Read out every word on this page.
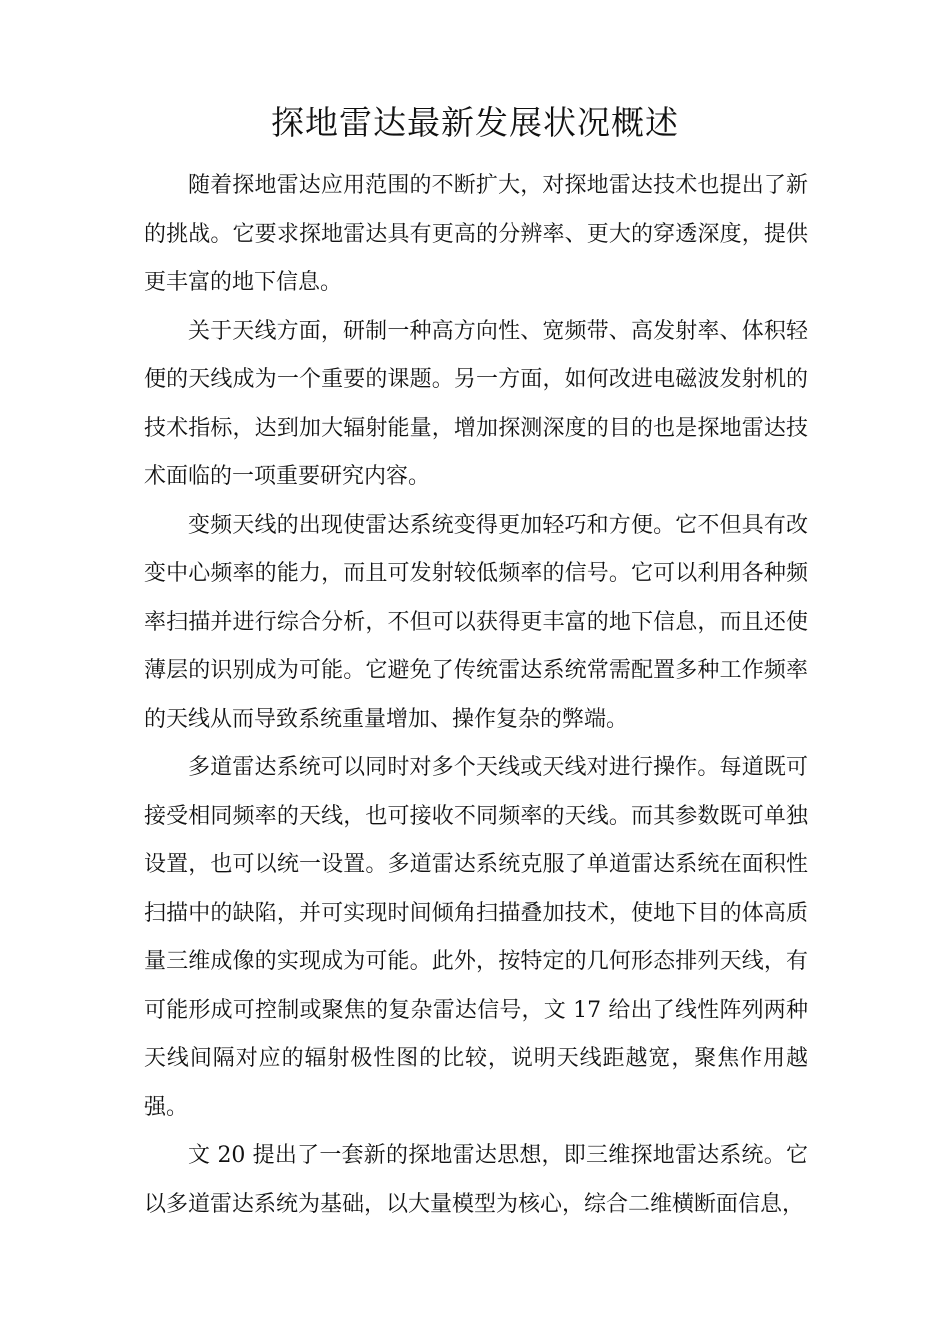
探地雷达最新发展状况概述

随着探地雷达应用范围的不断扩大，对探地雷达技术也提出了新的挑战。它要求探地雷达具有更高的分辨率、更大的穿透深度，提供更丰富的地下信息。

关于天线方面，研制一种高方向性、宽频带、高发射率、体积轻便的天线成为一个重要的课题。另一方面，如何改进电磁波发射机的技术指标，达到加大辐射能量，增加探测深度的目的也是探地雷达技术面临的一项重要研究内容。

变频天线的出现使雷达系统变得更加轻巧和方便。它不但具有改变中心频率的能力，而且可发射较低频率的信号。它可以利用各种频率扫描并进行综合分析，不但可以获得更丰富的地下信息，而且还使薄层的识别成为可能。它避免了传统雷达系统常需配置多种工作频率的天线从而导致系统重量增加、操作复杂的弊端。

多道雷达系统可以同时对多个天线或天线对进行操作。每道既可接受相同频率的天线，也可接收不同频率的天线。而其参数既可单独设置，也可以统一设置。多道雷达系统克服了单道雷达系统在面积性扫描中的缺陷，并可实现时间倾角扫描叠加技术，使地下目的体高质量三维成像的实现成为可能。此外，按特定的几何形态排列天线，有可能形成可控制或聚焦的复杂雷达信号，文 17 给出了线性阵列两种天线间隔对应的辐射极性图的比较，说明天线距越宽，聚焦作用越强。

文 20 提出了一套新的探地雷达思想，即三维探地雷达系统。它以多道雷达系统为基础，以大量模型为核心，综合二维横断面信息，
